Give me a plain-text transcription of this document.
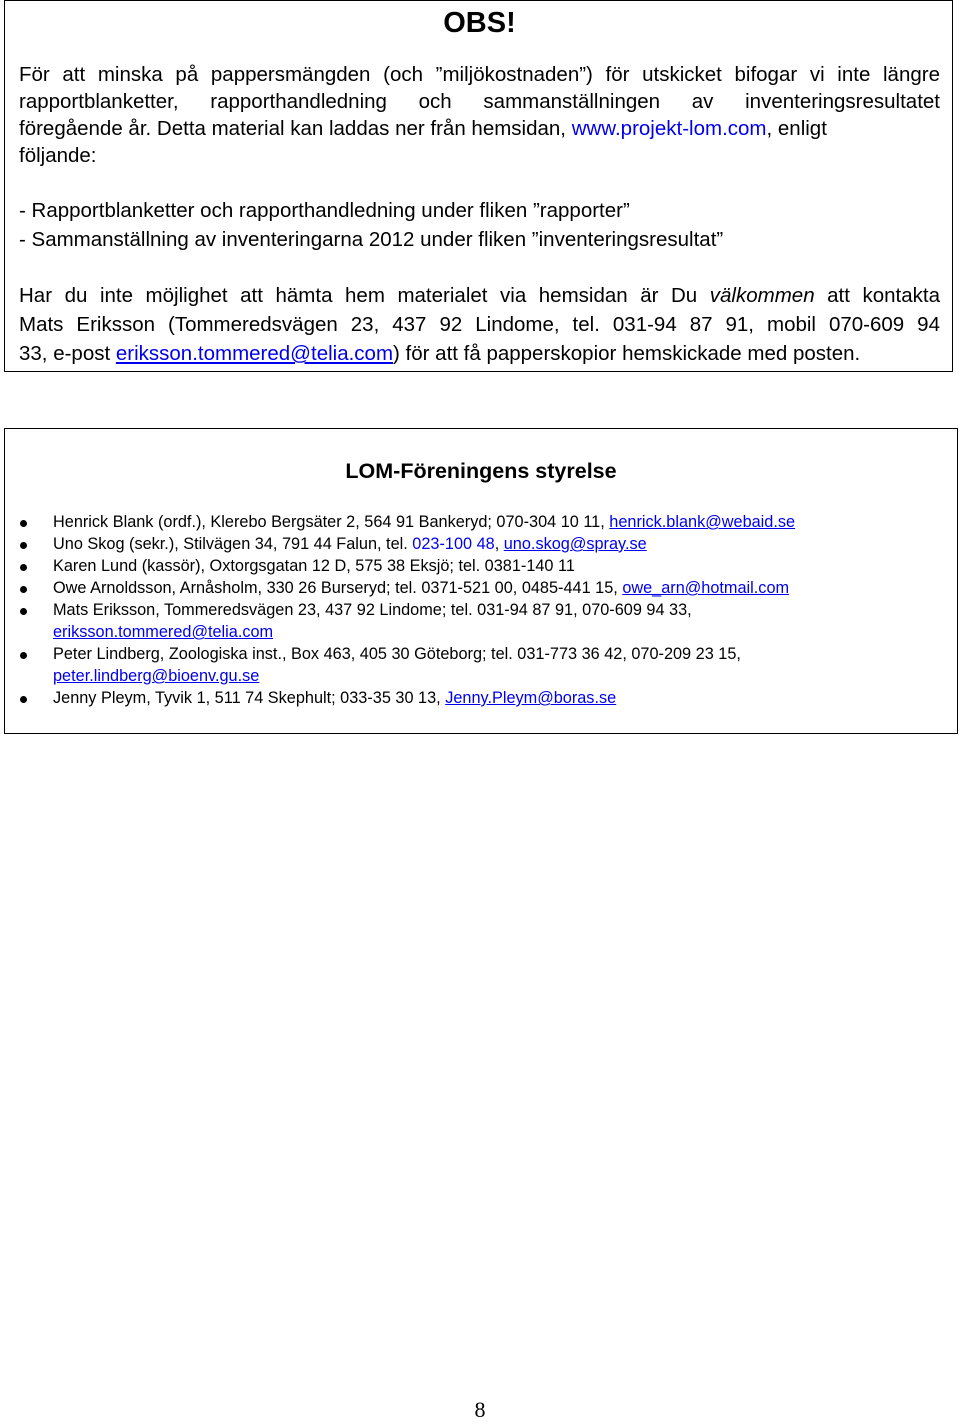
OBS!
För att minska på pappersmängden (och ”miljökostnaden”) för utskicket bifogar vi inte längre
rapportblanketter, rapporthandledning och sammanställningen av inventeringsresultatet
föregående år. Detta material kan laddas ner från hemsidan, www.projekt-lom.com, enligt
följande:
- Rapportblanketter och rapporthandledning under fliken ”rapporter”
- Sammanställning av inventeringarna 2012 under fliken ”inventeringsresultat”
Har du inte möjlighet att hämta hem materialet via hemsidan är Du välkommen att kontakta
Mats Eriksson (Tommeredsvägen 23, 437 92 Lindome, tel. 031-94 87 91, mobil 070-609 94
33, e-post eriksson.tommered@telia.com) för att få papperskopior hemskickade med posten.
LOM-Föreningens styrelse
Henrick Blank (ordf.), Klerebo Bergsäter 2, 564 91 Bankeryd; 070-304 10 11, henrick.blank@webaid.se
Uno Skog (sekr.), Stilvägen 34, 791 44 Falun, tel. 023-100 48, uno.skog@spray.se
Karen Lund (kassör), Oxtorgsgatan 12 D, 575 38 Eksjö; tel. 0381-140 11
Owe Arnoldsson, Arnåsholm, 330 26 Burseryd; tel. 0371-521 00, 0485-441 15, owe_arn@hotmail.com
Mats Eriksson, Tommeredsvägen 23, 437 92 Lindome; tel. 031-94 87 91, 070-609 94 33,
eriksson.tommered@telia.com
Peter Lindberg, Zoologiska inst., Box 463, 405 30 Göteborg; tel. 031-773 36 42, 070-209 23 15,
peter.lindberg@bioenv.gu.se
Jenny Pleym, Tyvik 1, 511 74 Skephult; 033-35 30 13, Jenny.Pleym@boras.se
8
